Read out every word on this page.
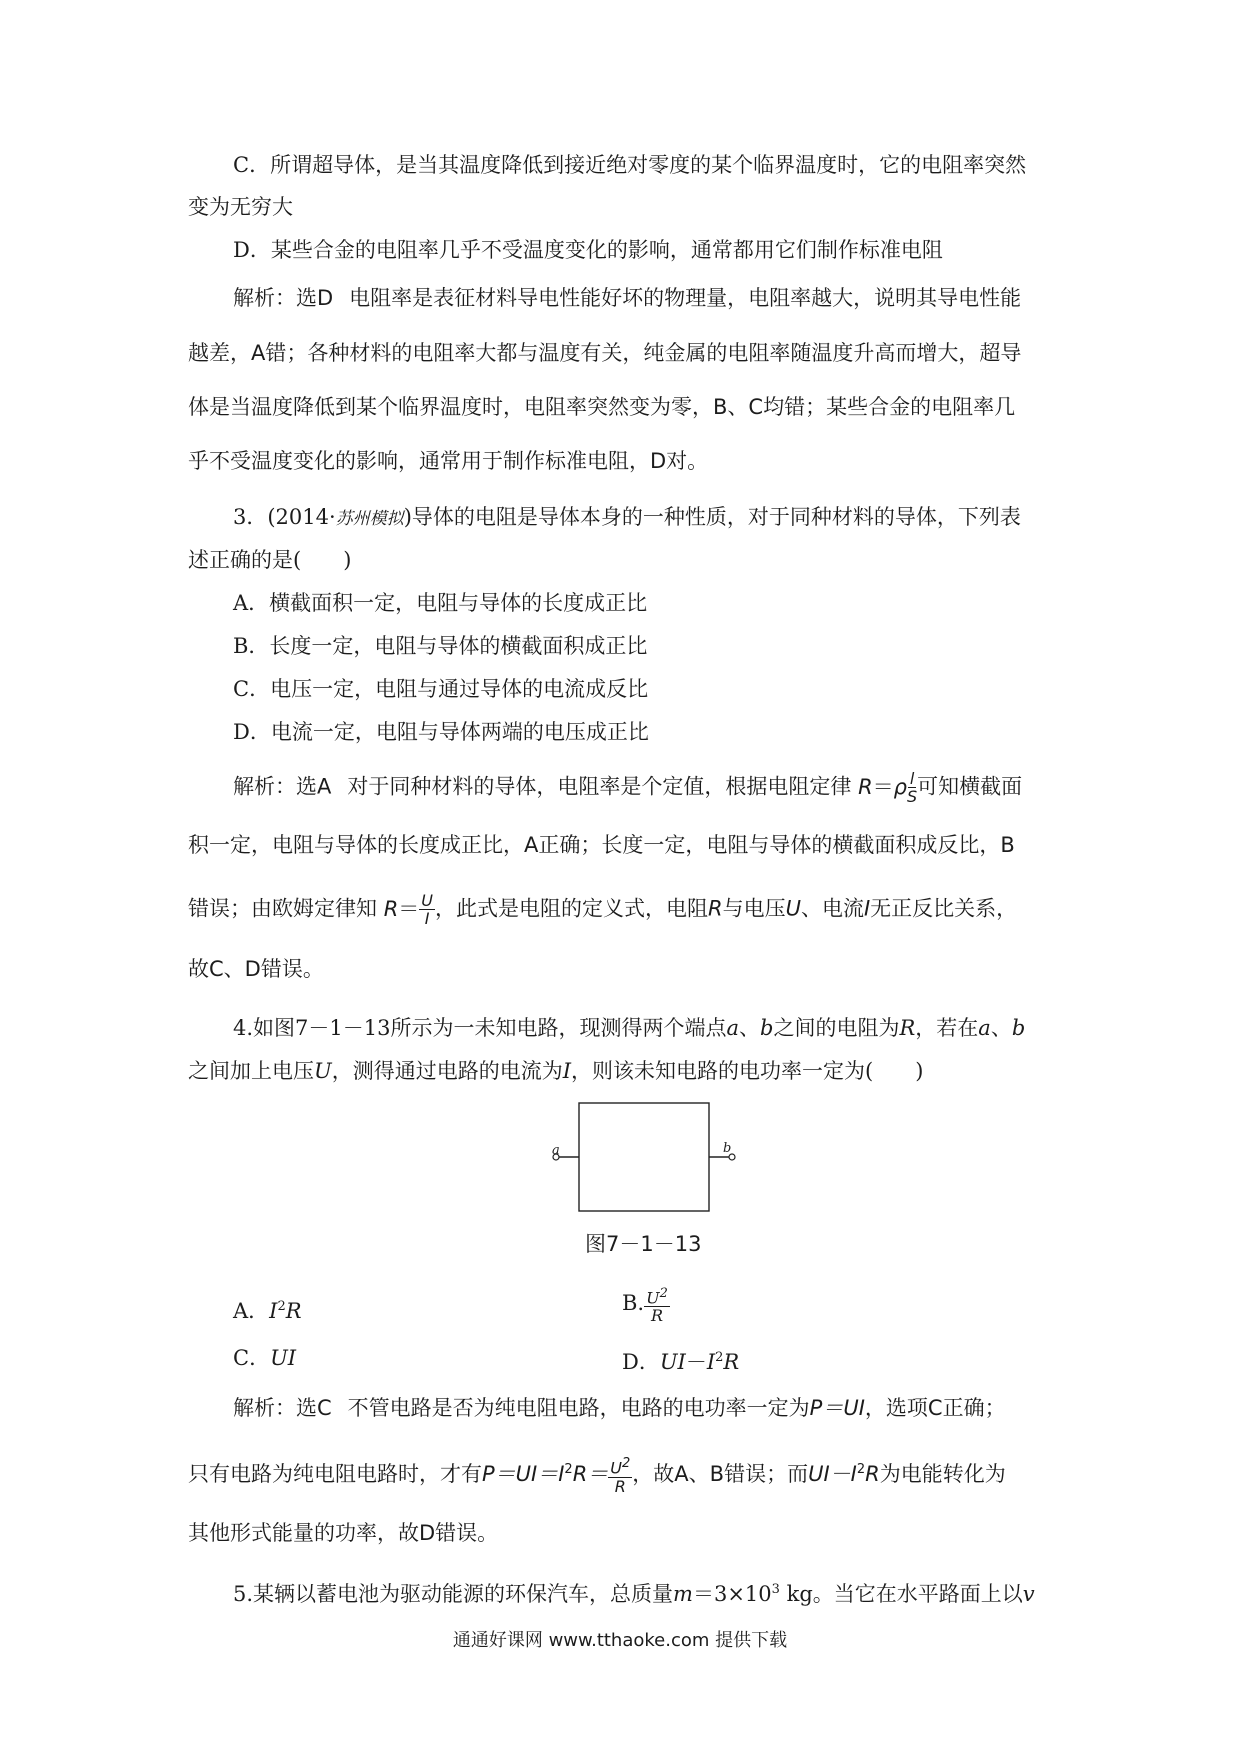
C．所谓超导体，是当其温度降低到接近绝对零度的某个临界温度时，它的电阻率突然
变为无穷大
D．某些合金的电阻率几乎不受温度变化的影响，通常都用它们制作标准电阻
解析：选D 电阻率是表征材料导电性能好坏的物理量，电阻率越大，说明其导电性能
越差，A错；各种材料的电阻率大都与温度有关，纯金属的电阻率随温度升高而增大，超导
体是当温度降低到某个临界温度时，电阻率突然变为零，B、C均错；某些合金的电阻率几
乎不受温度变化的影响，通常用于制作标准电阻，D对。
3．(2014·苏州模拟)导体的电阻是导体本身的一种性质，对于同种材料的导体，下列表
述正确的是(　　)
A．横截面积一定，电阻与导体的长度成正比
B．长度一定，电阻与导体的横截面积成正比
C．电压一定，电阻与通过导体的电流成反比
D．电流一定，电阻与导体两端的电压成正比
解析：选A 对于同种材料的导体，电阻率是个定值，根据电阻定律 $R=\rho \frac{l}{S}$ 可知横截面
积一定，电阻与导体的长度成正比，A正确；长度一定，电阻与导体的横截面积成反比，B
错误；由欧姆定律知 $R= \frac{U}{I}$ ，此式是电阻的定义式，电阻R与电压U、电流I无正反比关系，
故C、D错误。
4.如图7－1－13所示为一未知电路，现测得两个端点a、b之间的电阻为R，若在a、b
之间加上电压U，测得通过电路的电流为I，则该未知电路的电功率一定为(　　)
a	b
图7－1－13
A．$I^2R$	B. $\frac{U^2}{R}$
C．UI	D．$UI-I^2R$
解析：选C 不管电路是否为纯电阻电路，电路的电功率一定为P＝UI，选项C正确；
只有电路为纯电阻电路时，才有$P=UI=I^2R= \frac{U^2}{R}$ ，故A、B错误；而$UI-I^2R$为电能转化为
其他形式能量的功率，故D错误。
5.某辆以蓄电池为驱动能源的环保汽车，总质量$m=3\times 10^3$ kg。当它在水平路面上以v
通通好课网 www.tthaoke.com 提供下载
